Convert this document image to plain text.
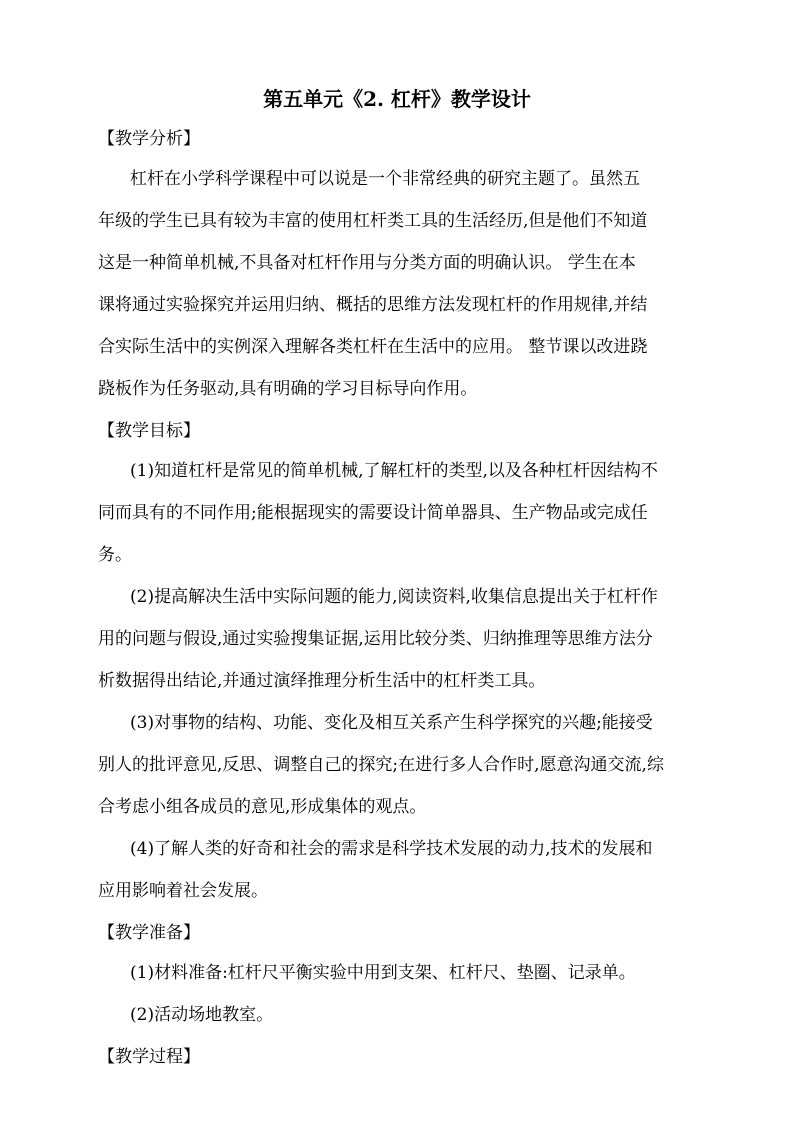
第五单元《2. 杠杆》教学设计
【教学分析】
杠杆在小学科学课程中可以说是一个非常经典的研究主题了。虽然五
年级的学生已具有较为丰富的使用杠杆类工具的生活经历,但是他们不知道
这是一种简单机械,不具备对杠杆作用与分类方面的明确认识。 学生在本
课将通过实验探究并运用归纳、概括的思维方法发现杠杆的作用规律,并结
合实际生活中的实例深入理解各类杠杆在生活中的应用。 整节课以改进跷
跷板作为任务驱动,具有明确的学习目标导向作用。
【教学目标】
(1)知道杠杆是常见的简单机械,了解杠杆的类型,以及各种杠杆因结构不
同而具有的不同作用;能根据现实的需要设计简单器具、生产物品或完成任
务。
(2)提高解决生活中实际问题的能力,阅读资料,收集信息提出关于杠杆作
用的问题与假设,通过实验搜集证据,运用比较分类、归纳推理等思维方法分
析数据得出结论,并通过演绎推理分析生活中的杠杆类工具。
(3)对事物的结构、功能、变化及相互关系产生科学探究的兴趣;能接受
别人的批评意见,反思、调整自己的探究;在进行多人合作时,愿意沟通交流,综
合考虑小组各成员的意见,形成集体的观点。
(4)了解人类的好奇和社会的需求是科学技术发展的动力,技术的发展和
应用影响着社会发展。
【教学准备】
(1)材料准备:杠杆尺平衡实验中用到支架、杠杆尺、垫圈、记录单。
(2)活动场地教室。
【教学过程】
